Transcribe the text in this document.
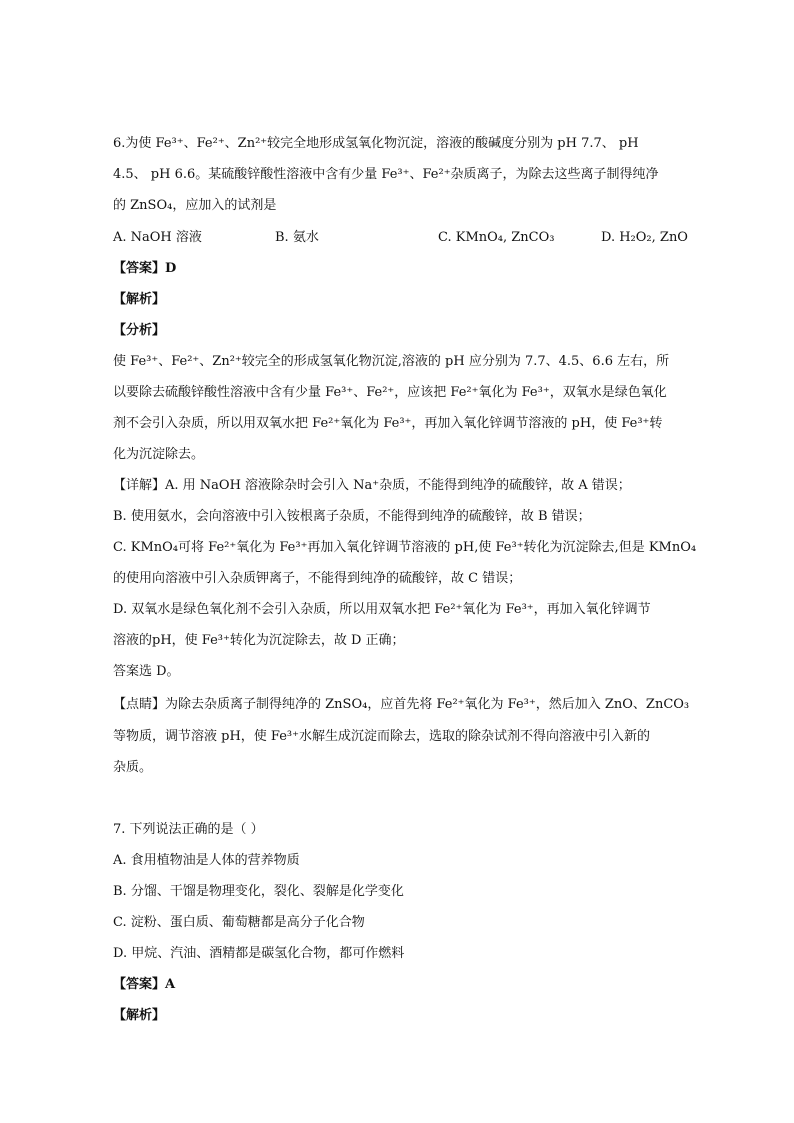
6.为使 Fe³⁺、Fe²⁺、Zn²⁺较完全地形成氢氧化物沉淀，溶液的酸碱度分别为 pH 7.7、 pH
4.5、 pH 6.6。某硫酸锌酸性溶液中含有少量 Fe³⁺、Fe²⁺杂质离子，为除去这些离子制得纯净
的 ZnSO₄，应加入的试剂是
A. NaOH 溶液	B. 氨水	C. KMnO₄, ZnCO₃	D. H₂O₂, ZnO
【答案】D
【解析】
【分析】
使 Fe³⁺、Fe²⁺、Zn²⁺较完全的形成氢氧化物沉淀,溶液的 pH 应分别为 7.7、4.5、6.6 左右，所
以要除去硫酸锌酸性溶液中含有少量 Fe³⁺、Fe²⁺，应该把 Fe²⁺氧化为 Fe³⁺，双氧水是绿色氧化
剂不会引入杂质，所以用双氧水把 Fe²⁺氧化为 Fe³⁺，再加入氧化锌调节溶液的 pH，使 Fe³⁺转
化为沉淀除去。
【详解】A. 用 NaOH 溶液除杂时会引入 Na⁺杂质，不能得到纯净的硫酸锌，故 A 错误；
B. 使用氨水，会向溶液中引入铵根离子杂质，不能得到纯净的硫酸锌，故 B 错误；
C. KMnO₄可将 Fe²⁺氧化为 Fe³⁺再加入氧化锌调节溶液的 pH,使 Fe³⁺转化为沉淀除去,但是 KMnO₄
的使用向溶液中引入杂质钾离子，不能得到纯净的硫酸锌，故 C 错误；
D. 双氧水是绿色氧化剂不会引入杂质，所以用双氧水把 Fe²⁺氧化为 Fe³⁺，再加入氧化锌调节
溶液的pH，使 Fe³⁺转化为沉淀除去，故 D 正确；
答案选 D。
【点睛】为除去杂质离子制得纯净的 ZnSO₄，应首先将 Fe²⁺氧化为 Fe³⁺，然后加入 ZnO、ZnCO₃
等物质，调节溶液 pH，使 Fe³⁺水解生成沉淀而除去，选取的除杂试剂不得向溶液中引入新的
杂质。
7. 下列说法正确的是（ ）
A. 食用植物油是人体的营养物质
B. 分馏、干馏是物理变化，裂化、裂解是化学变化
C. 淀粉、蛋白质、葡萄糖都是高分子化合物
D. 甲烷、汽油、酒精都是碳氢化合物，都可作燃料
【答案】A
【解析】
